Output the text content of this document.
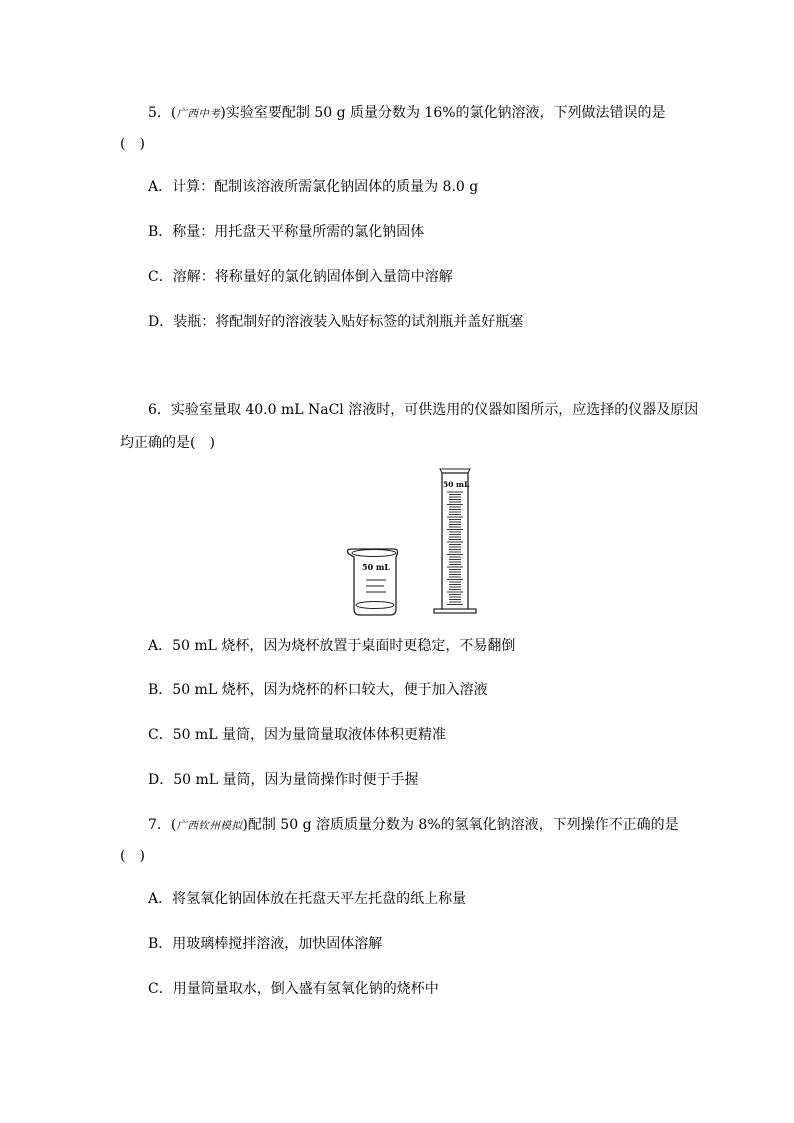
5．(广西中考)实验室要配制 50 g 质量分数为 16%的氯化钠溶液，下列做法错误的是
(　)
A．计算：配制该溶液所需氯化钠固体的质量为 8.0 g
B．称量：用托盘天平称量所需的氯化钠固体
C．溶解：将称量好的氯化钠固体倒入量筒中溶解
D．装瓶：将配制好的溶液装入贴好标签的试剂瓶并盖好瓶塞
6．实验室量取 40.0 mL NaCl 溶液时，可供选用的仪器如图所示，应选择的仪器及原因
均正确的是(　)
50 mL
50 mL
A．50 mL 烧杯，因为烧杯放置于桌面时更稳定，不易翻倒
B．50 mL 烧杯，因为烧杯的杯口较大，便于加入溶液
C．50 mL 量筒，因为量筒量取液体体积更精准
D．50 mL 量筒，因为量筒操作时便于手握
7．(广西钦州模拟)配制 50 g 溶质质量分数为 8%的氢氧化钠溶液，下列操作不正确的是
(　)
A．将氢氧化钠固体放在托盘天平左托盘的纸上称量
B．用玻璃棒搅拌溶液，加快固体溶解
C．用量筒量取水，倒入盛有氢氧化钠的烧杯中
